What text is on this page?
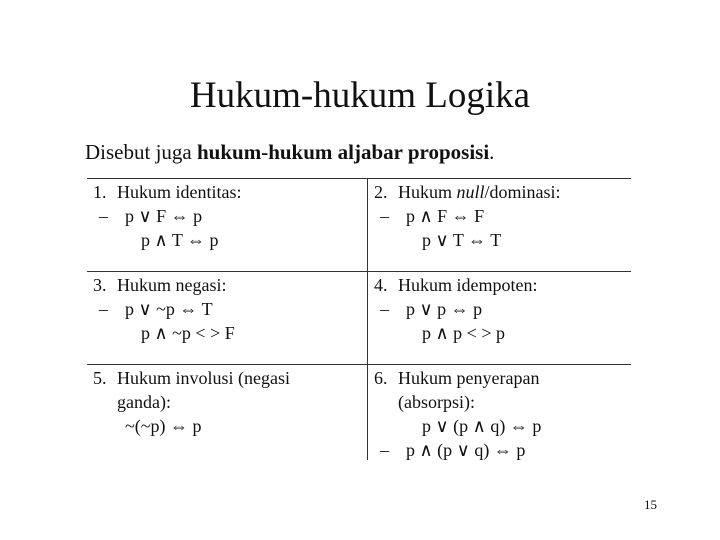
Hukum-hukum Logika
Disebut juga hukum-hukum aljabar proposisi.
1. Hukum identitas:
– p ∨ F ⇔ p
p ∧ T ⇔ p
2. Hukum null/dominasi:
– p ∧ F ⇔ F
p ∨ T ⇔ T
3. Hukum negasi:
– p ∨ ~p ⇔ T
p ∧ ~p < > F
4. Hukum idempoten:
– p ∨ p ⇔ p
p ∧ p < > p
5. Hukum involusi (negasi
ganda):
~(~p) ⇔ p
6. Hukum penyerapan
(absorpsi):
p ∨ (p ∧ q) ⇔ p
– p ∧ (p ∨ q) ⇔ p
15
